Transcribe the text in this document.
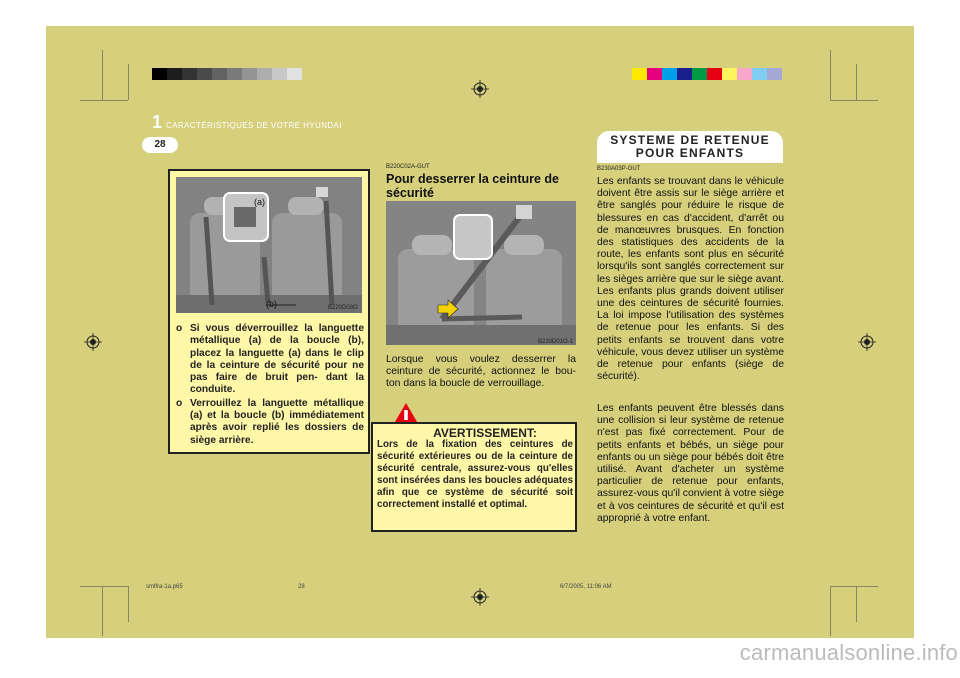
1 CARACTÉRISTIQUES DE VOTRE HYUNDAI
28
(a)
(b)	B220D03O
o Si vous déverrouillez la languette métallique (a) de la boucle (b), placez la languette (a) dans le clip de la ceinture de sécurité pour ne pas faire de bruit pen- dant la conduite.
o Verrouillez la languette métallique (a) et la boucle (b) immédiatement après avoir replié les dossiers de siège arrière.
B220C02A-GUT
Pour desserrer la ceinture de sécurité
B220D01O-1
Lorsque vous voulez desserrer la ceinture de sécurité, actionnez le bou- ton dans la boucle de verrouillage.
AVERTISSEMENT:
Lors de la fixation des ceintures de sécurité extérieures ou de la ceinture de sécurité centrale, assurez-vous qu'elles sont insérées dans les boucles adéquates afin que ce système de sécurité soit correctement installé et optimal.
SYSTEME DE RETENUE POUR ENFANTS
B230A03P-GUT
Les enfants se trouvant dans le véhicule doivent être assis sur le siège arrière et être sanglés pour réduire le risque de blessures en cas d'accident, d'arrêt ou de manœuvres brusques. En fonction des statistiques des accidents de la route, les enfants sont plus en sécurité lorsqu'ils sont sanglés correctement sur les sièges arrière que sur le siège avant. Les enfants plus grands doivent utiliser une des ceintures de sécurité fournies. La loi impose l'utilisation des systèmes de retenue pour les enfants. Si des petits enfants se trouvent dans votre véhicule, vous devez utiliser un système de retenue pour enfants (siège de sécurité).
Les enfants peuvent être blessés dans une collision si leur système de retenue n'est pas fixé correctement. Pour de petits enfants et bébés, un siège pour enfants ou un siège pour bébés doit être utilisé. Avant d'acheter un système particulier de retenue pour enfants, assurez-vous qu'il convient à votre siège et à vos ceintures de sécurité et qu'il est approprié à votre enfant.
smlfra-1a.p65	28	6/7/2005, 11:06 AM
carmanualsonline.info
